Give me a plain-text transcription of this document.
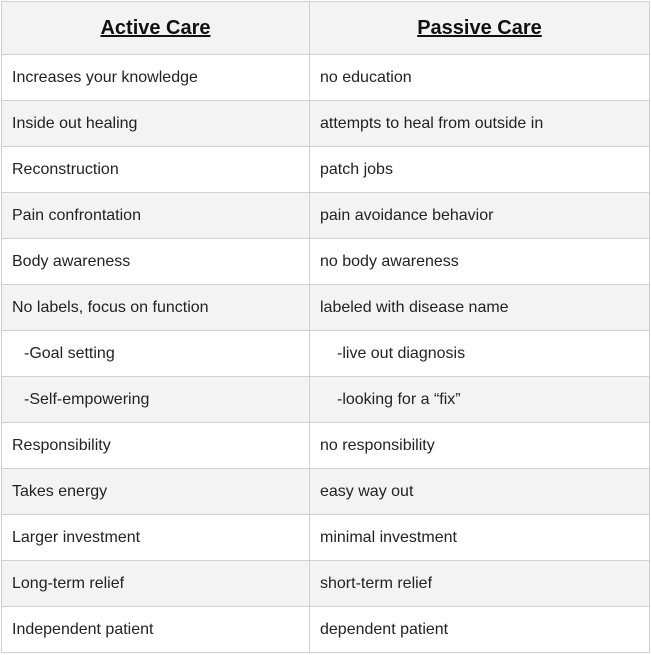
Active Care	Passive Care
Increases your knowledge	no education
Inside out healing	attempts to heal from outside in
Reconstruction	patch jobs
Pain confrontation	pain avoidance behavior
Body awareness	no body awareness
No labels, focus on function	labeled with disease name
-Goal setting	-live out diagnosis
-Self-empowering	-looking for a “fix”
Responsibility	no responsibility
Takes energy	easy way out
Larger investment	minimal investment
Long-term relief	short-term relief
Independent patient	dependent patient
